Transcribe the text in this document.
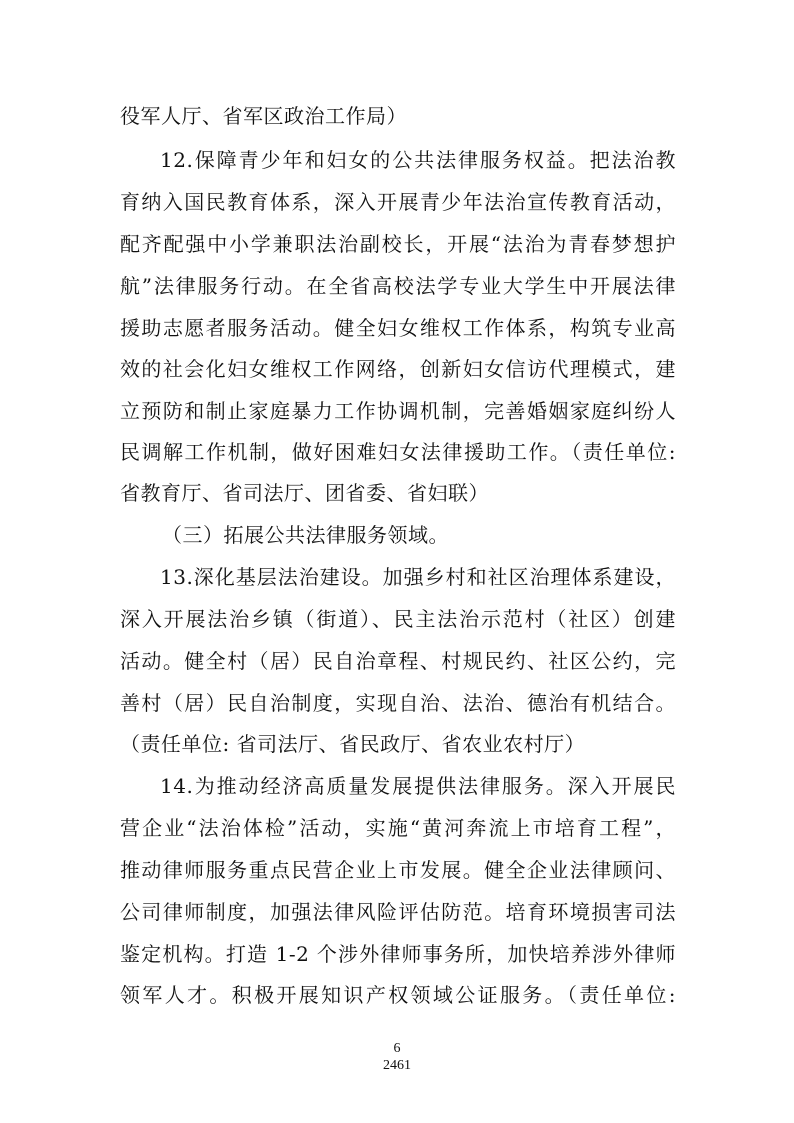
役军人厅、省军区政治工作局）
12.保障青少年和妇女的公共法律服务权益。把法治教
育纳入国民教育体系，深入开展青少年法治宣传教育活动，
配齐配强中小学兼职法治副校长，开展“法治为青春梦想护
航”法律服务行动。在全省高校法学专业大学生中开展法律
援助志愿者服务活动。健全妇女维权工作体系，构筑专业高
效的社会化妇女维权工作网络，创新妇女信访代理模式，建
立预防和制止家庭暴力工作协调机制，完善婚姻家庭纠纷人
民调解工作机制，做好困难妇女法律援助工作。（责任单位:
省教育厅、省司法厅、团省委、省妇联）
（三）拓展公共法律服务领域。
13.深化基层法治建设。加强乡村和社区治理体系建设，
深入开展法治乡镇（街道）、民主法治示范村（社区）创建
活动。健全村（居）民自治章程、村规民约、社区公约，完
善村（居）民自治制度，实现自治、法治、德治有机结合。
（责任单位: 省司法厅、省民政厅、省农业农村厅）
14.为推动经济高质量发展提供法律服务。深入开展民
营企业“法治体检”活动，实施“黄河奔流上市培育工程”，
推动律师服务重点民营企业上市发展。健全企业法律顾问、
公司律师制度，加强法律风险评估防范。培育环境损害司法
鉴定机构。打造 1-2 个涉外律师事务所，加快培养涉外律师
领军人才。积极开展知识产权领域公证服务。（责任单位:
6
2461
